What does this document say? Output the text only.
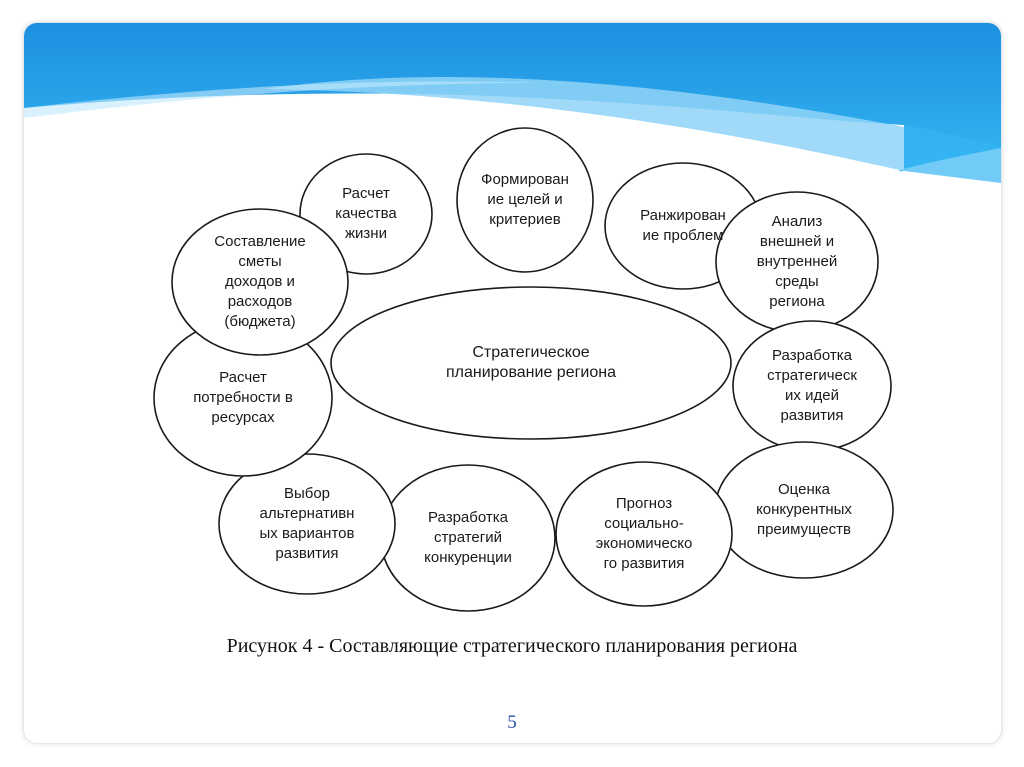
Расчет
качества
жизни
Формирован
ие целей и
критериев	Ранжирован
ие проблем
Анализ
внешней и
внутренней
среды
региона
Разработка
стратегическ
их идей
развития
Оценка
конкурентных
преимуществ
Прогноз
социально-
экономическо
го развития
Разработка
стратегий
конкуренции
Выбор
альтернативн
ых вариантов
развития
Расчет
потребности в
ресурсах
Составление
сметы
доходов и
расходов
(бюджета)
Стратегическое
планирование региона
Рисунок 4 - Составляющие стратегического планирования региона
5
